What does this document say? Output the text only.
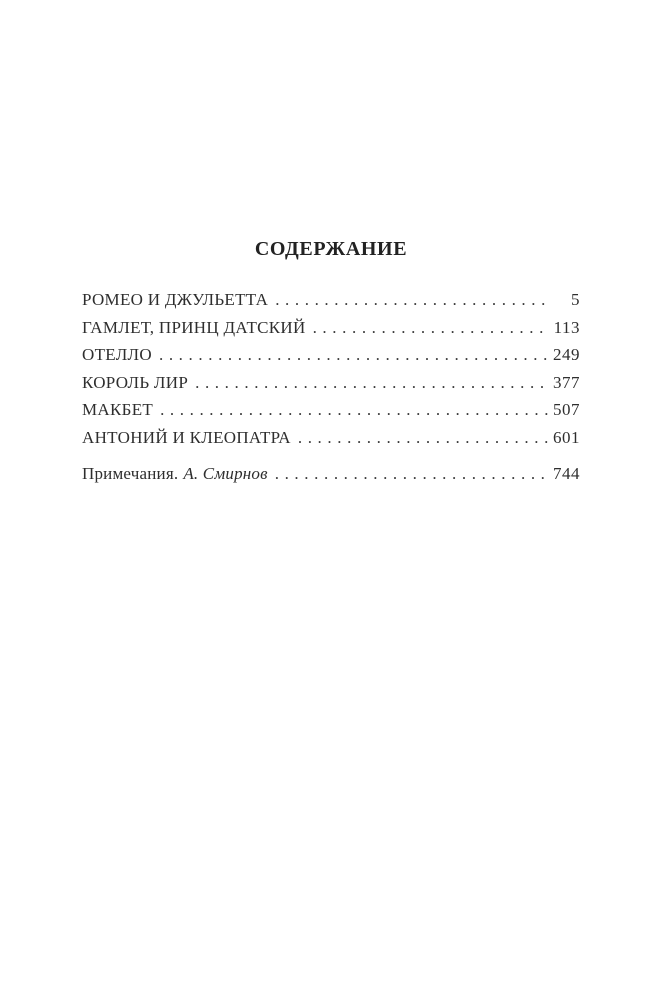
СОДЕРЖАНИЕ
РОМЕО И ДЖУЛЬЕТТА .....	5
ГАМЛЕТ, ПРИНЦ ДАТСКИЙ .....	113
ОТЕЛЛО .....	249
КОРОЛЬ ЛИР .....	377
МАКБЕТ .....	507
АНТОНИЙ И КЛЕОПАТРА .....	601
Примечания. А. Смирнов .....	744
